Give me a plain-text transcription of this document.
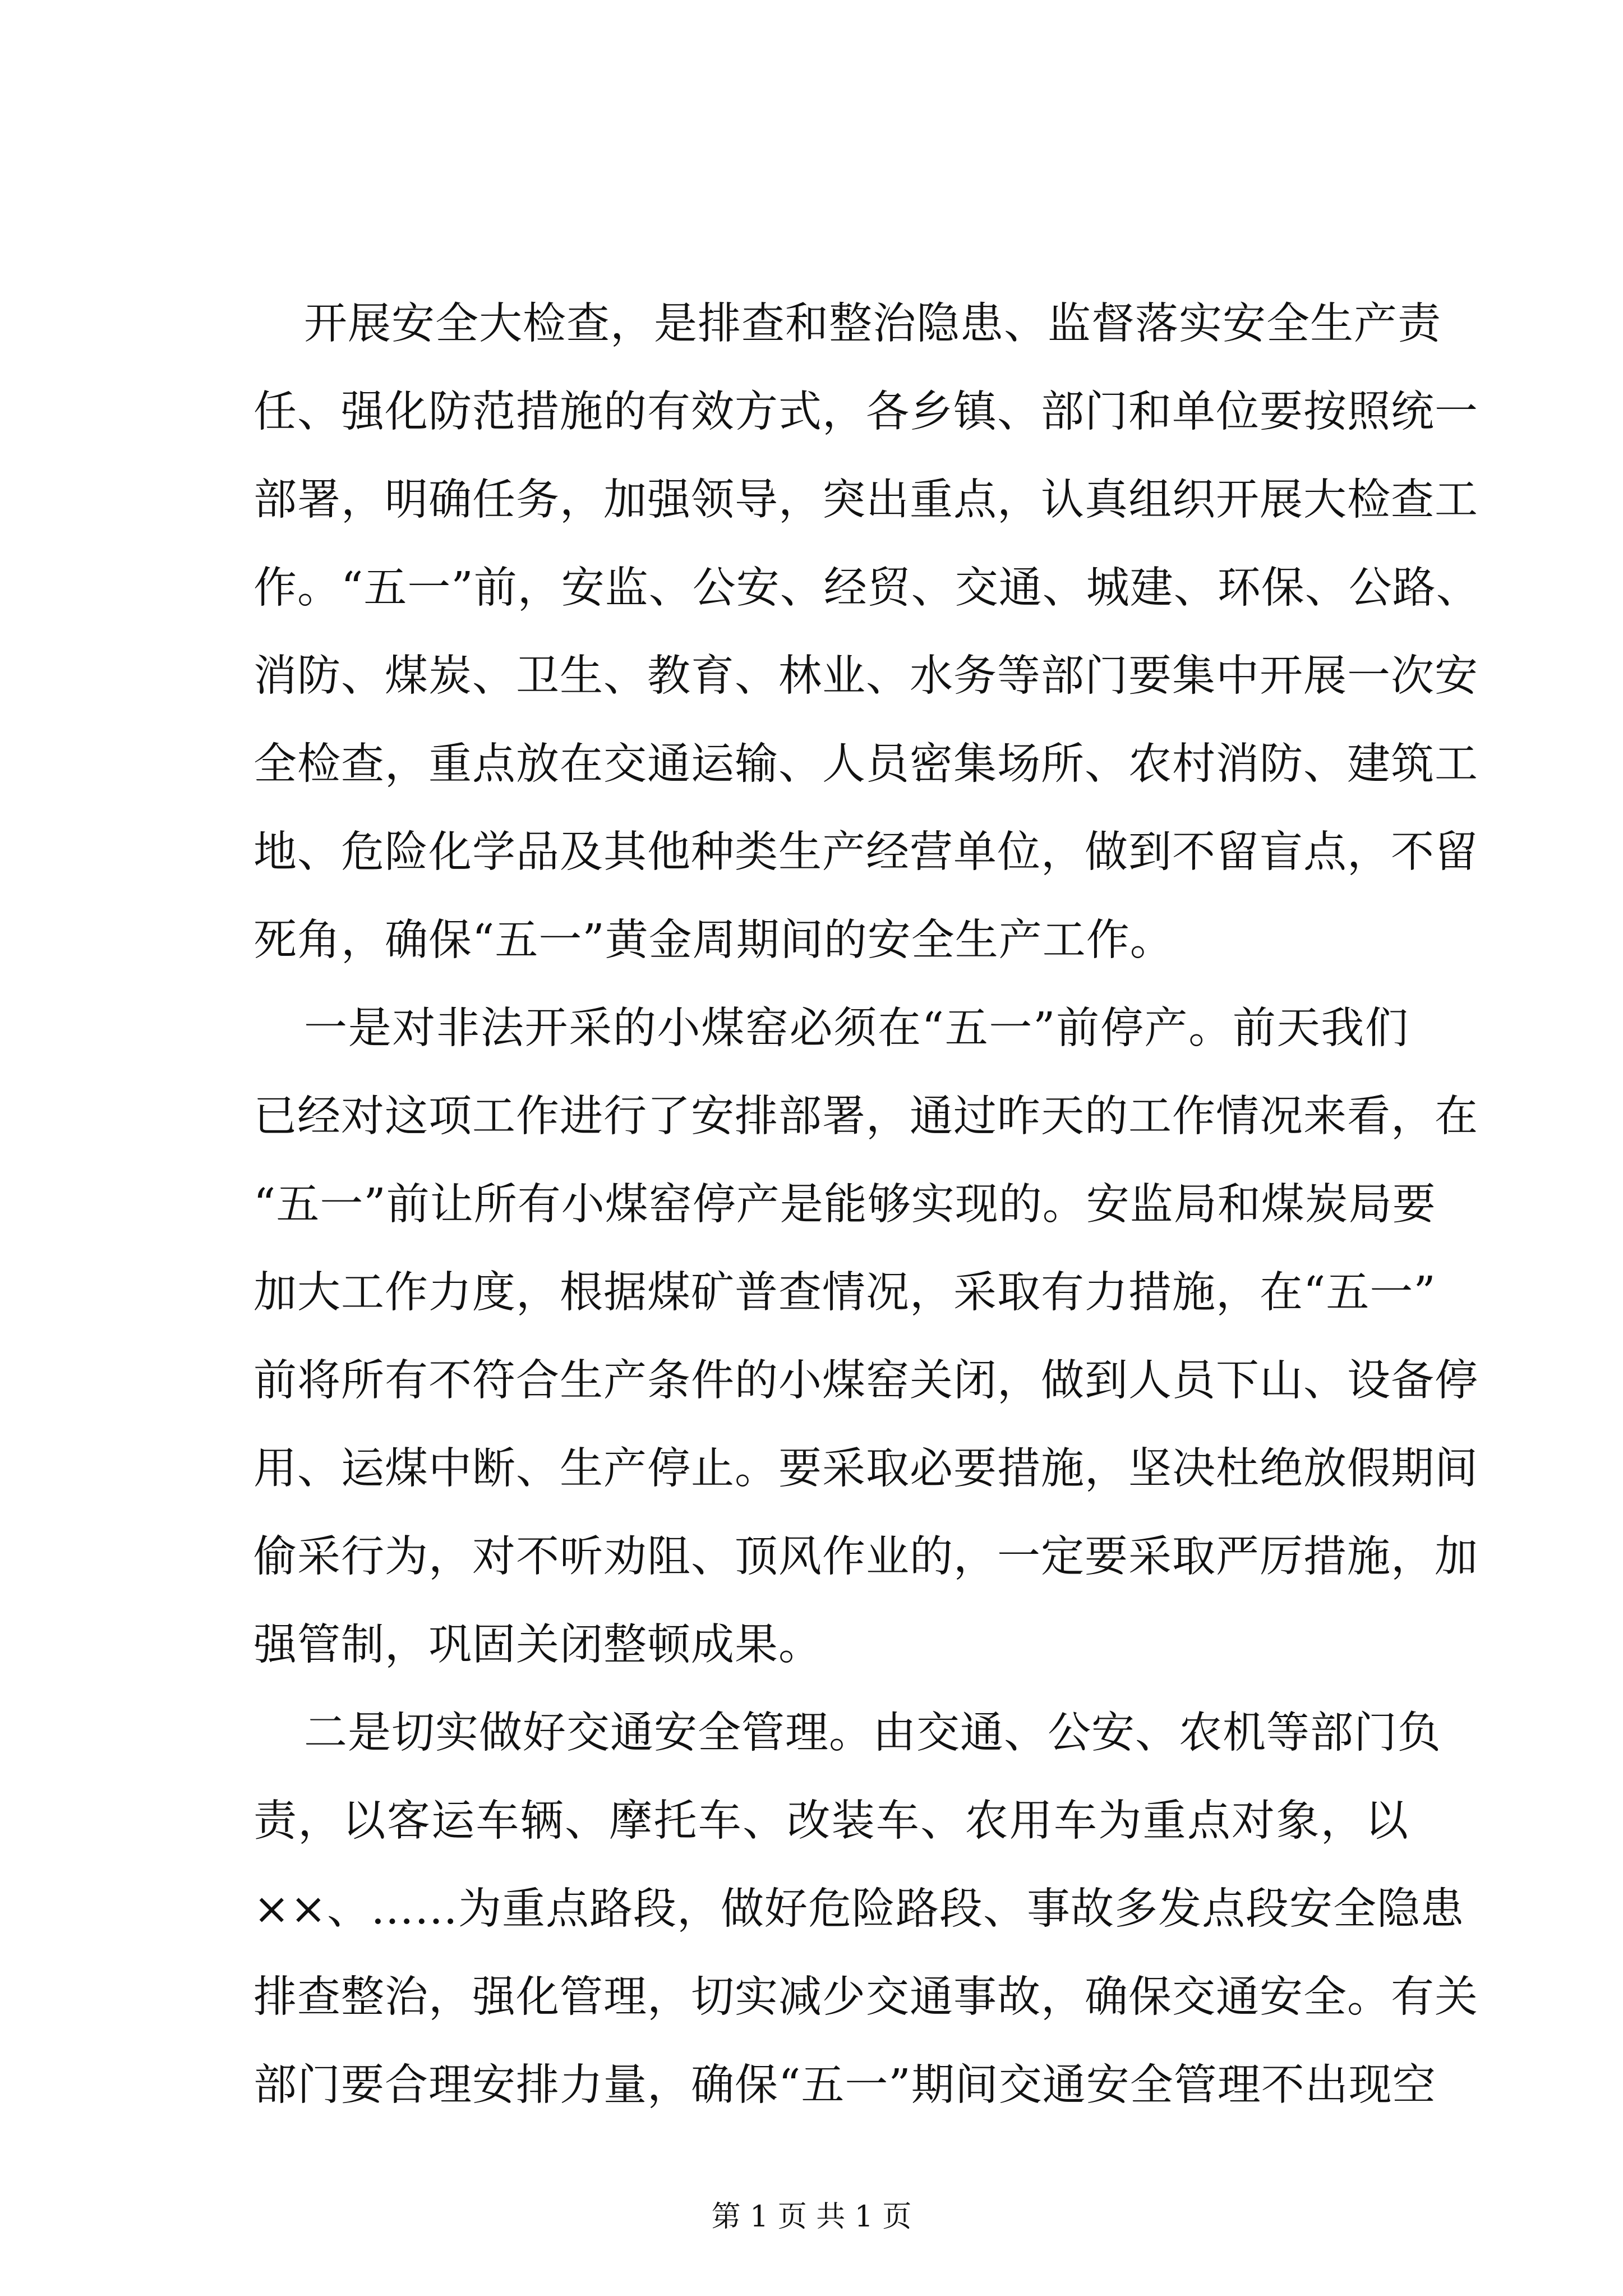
开展安全大检查，是排查和整治隐患、监督落实安全生产责
任、强化防范措施的有效方式，各乡镇、部门和单位要按照统一
部署，明确任务，加强领导，突出重点，认真组织开展大检查工
作。“五一”前，安监、公安、经贸、交通、城建、环保、公路、
消防、煤炭、卫生、教育、林业、水务等部门要集中开展一次安
全检查，重点放在交通运输、人员密集场所、农村消防、建筑工
地、危险化学品及其他种类生产经营单位，做到不留盲点，不留
死角，确保“五一”黄金周期间的安全生产工作。
一是对非法开采的小煤窑必须在“五一”前停产。前天我们
已经对这项工作进行了安排部署，通过昨天的工作情况来看，在
“五一”前让所有小煤窑停产是能够实现的。安监局和煤炭局要
加大工作力度，根据煤矿普查情况，采取有力措施，在“五一”
前将所有不符合生产条件的小煤窑关闭，做到人员下山、设备停
用、运煤中断、生产停止。要采取必要措施，坚决杜绝放假期间
偷采行为，对不听劝阻、顶风作业的，一定要采取严厉措施，加
强管制，巩固关闭整顿成果。
二是切实做好交通安全管理。由交通、公安、农机等部门负
责，以客运车辆、摩托车、改装车、农用车为重点对象，以
××、……为重点路段，做好危险路段、事故多发点段安全隐患
排查整治，强化管理，切实减少交通事故，确保交通安全。有关
部门要合理安排力量，确保“五一”期间交通安全管理不出现空
第 1 页 共 1 页
